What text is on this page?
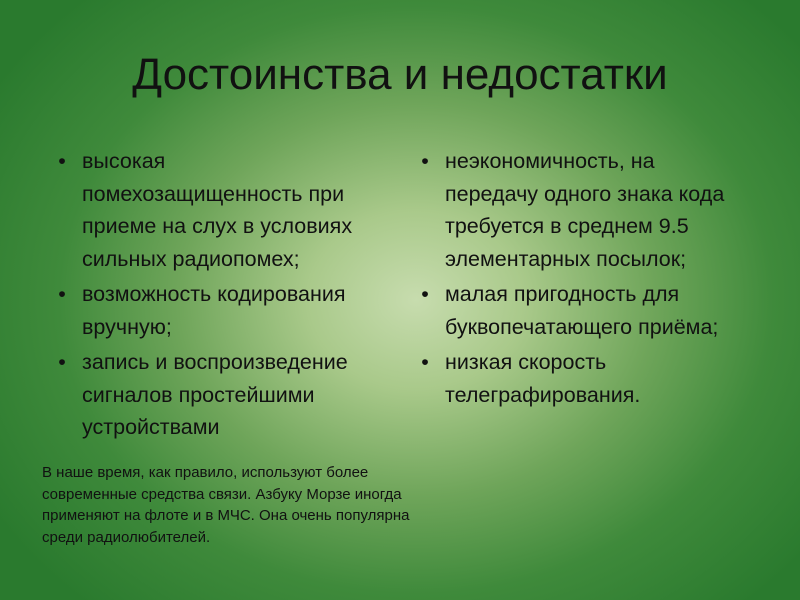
Достоинства и недостатки
• высокая помехозащищенность при приеме на слух в условиях сильных радиопомех;
• возможность кодирования вручную;
• запись и воспроизведение сигналов простейшими устройствами
• неэкономичность, на передачу одного знака кода требуется в среднем 9.5 элементарных посылок;
• малая пригодность для буквопечатающего приёма;
• низкая скорость телеграфирования.
В наше время, как правило, используют более современные средства связи. Азбуку Морзе иногда применяют на флоте и в МЧС. Она очень популярна среди радиолюбителей.
